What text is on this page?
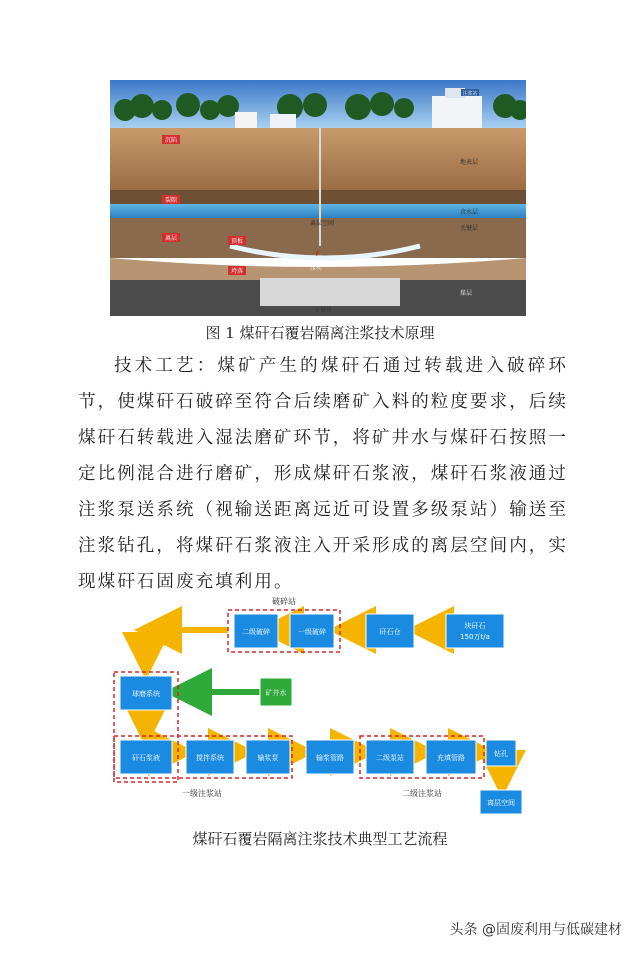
注浆站
沉陷
裂隙
离层	顶板
垮落
地表层
含水层
关键层
离层空间
F
压实
煤层
支撑体
图 1 煤矸石覆岩隔离注浆技术原理

技术工艺：煤矿产生的煤矸石通过转载进入破碎环节，使煤矸石破碎至符合后续磨矿入料的粒度要求，后续煤矸石转载进入湿法磨矿环节，将矿井水与煤矸石按照一定比例混合进行磨矿，形成煤矸石浆液，煤矸石浆液通过注浆泵送系统（视输送距离远近可设置多级泵站）输送至注浆钻孔，将煤矸石浆液注入开采形成的离层空间内，实现煤矸石固废充填利用。

块矸石
150万t/a
矸石仓
一级破碎
二级破碎
球磨系统	矿井水
矸石浆液	搅拌系统	输浆泵	输浆管路	二级泵站	充填管路	钻孔
离层空间
破碎站
一级注浆站	二级注浆站
煤矸石覆岩隔离注浆技术典型工艺流程
头条 @固废利用与低碳建材
